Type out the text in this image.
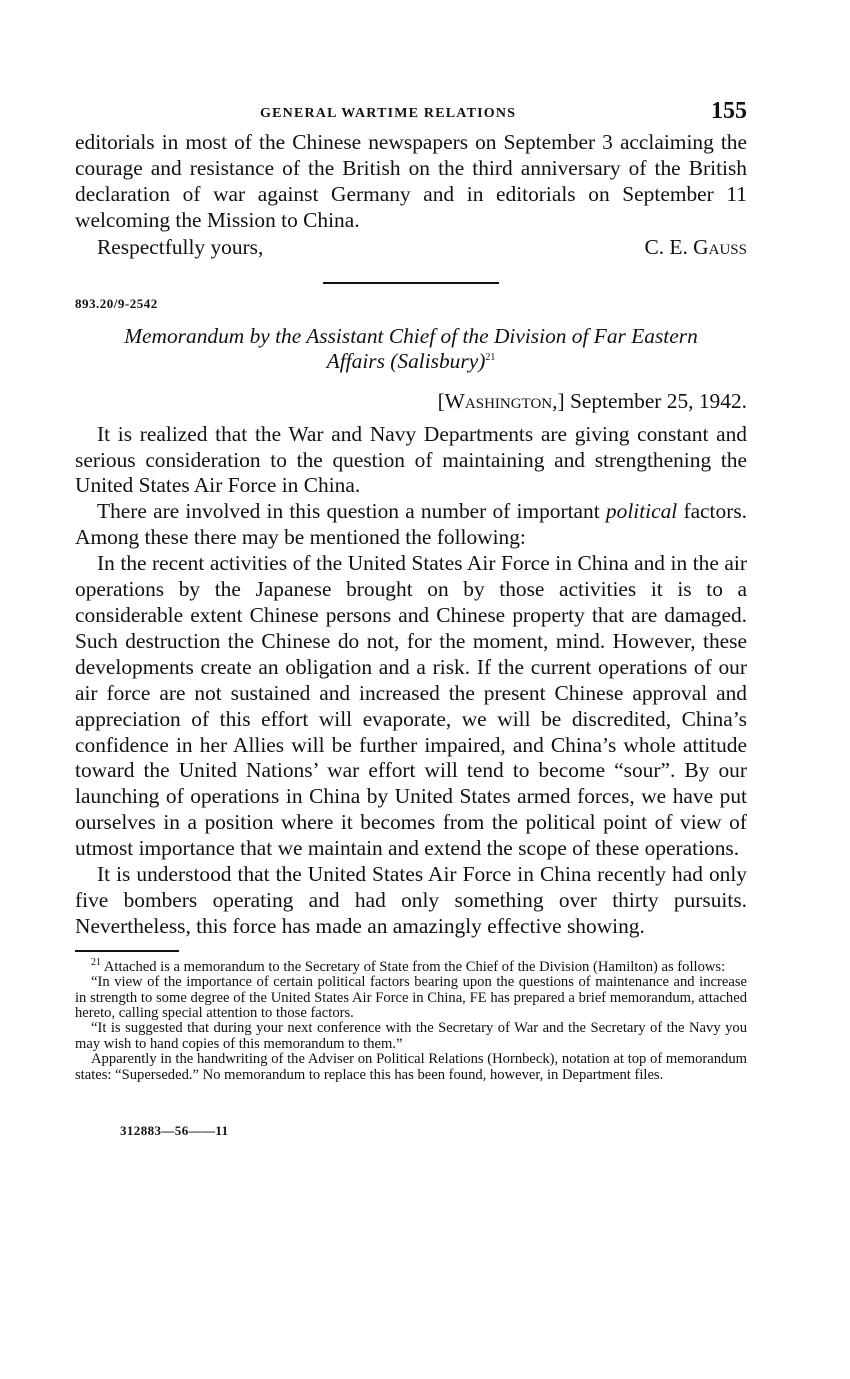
GENERAL WARTIME RELATIONS	155

editorials in most of the Chinese newspapers on September 3 acclaiming the courage and resistance of the British on the third anniversary of the British declaration of war against Germany and in editorials on September 11 welcoming the Mission to China.

Respectfully yours,	C. E. Gauss
893.20/9-2542
Memorandum by the Assistant Chief of the Division of Far Eastern
Affairs (Salisbury)$^{21}$
[Washington,] September 25, 1942.

It is realized that the War and Navy Departments are giving constant and serious consideration to the question of maintaining and strengthening the United States Air Force in China.

There are involved in this question a number of important political factors. Among these there may be mentioned the following:

In the recent activities of the United States Air Force in China and in the air operations by the Japanese brought on by those activities it is to a considerable extent Chinese persons and Chinese property that are damaged. Such destruction the Chinese do not, for the moment, mind. However, these developments create an obligation and a risk. If the current operations of our air force are not sustained and increased the present Chinese approval and appreciation of this effort will evaporate, we will be discredited, China’s confidence in her Allies will be further impaired, and China’s whole attitude toward the United Nations’ war effort will tend to become “sour”. By our launching of operations in China by United States armed forces, we have put ourselves in a position where it becomes from the political point of view of utmost importance that we maintain and extend the scope of these operations.

It is understood that the United States Air Force in China recently had only five bombers operating and had only something over thirty pursuits. Nevertheless, this force has made an amazingly effective showing.

$^{21}$ Attached is a memorandum to the Secretary of State from the Chief of the Division (Hamilton) as follows:

“In view of the importance of certain political factors bearing upon the questions of maintenance and increase in strength to some degree of the United States Air Force in China, FE has prepared a brief memorandum, attached hereto, calling special attention to those factors.

“It is suggested that during your next conference with the Secretary of War and the Secretary of the Navy you may wish to hand copies of this memorandum to them.”

Apparently in the handwriting of the Adviser on Political Relations (Hornbeck), notation at top of memorandum states: “Superseded.” No memorandum to replace this has been found, however, in Department files.

312883—56——11
